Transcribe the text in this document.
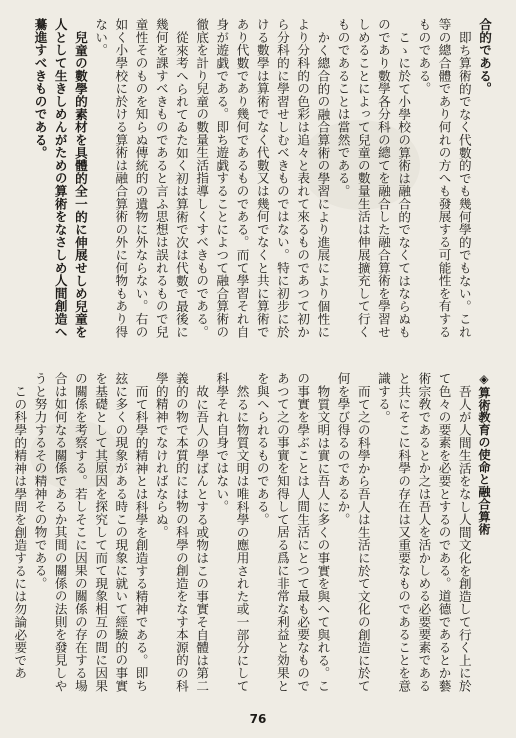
合的である。
即ち算術的でなく代數的でも幾何學的でもない。これ等の總合體であり何れの方へも發展する可能性を有するものである。
こゝに於て小學校の算術は融合的でなくてはならぬものであり數學各分科の總てを融合した融合算術を學習せしめることによって兒童の數量生活は伸展擴充して行くものであることは當然である。
かく總合的の融合算術の學習により進展により個性により分科的の色彩は追々と表れて來るものであつて初から分科的に學習せしむべきものではない。特に初步に於ける數學は算術でなく代數又は幾何でなくと共に算術であり代數であり幾何であるものである。而て學習それ自身が遊戯である。即ち遊戯することによつて融合算術の徹底を計り兒童の數量生活指導しくすべきものである。
從來考へられてゐた如く初は算術で次は代數で最後に幾何を課すべきものであると言ふ思想は誤れるもので兒童性そのものを知らぬ傳統的の遺物に外ならない。右の如く小學校に於ける算術は融合算術の外に何物もあり得ない。
兒童の數學的素材を具體的全一的に伸展せしめ兒童を人として生きしめんがための算術をなさしめ人間創造へ驀進すべきものである。
◈算術教育の使命と融合算術
吾人が人間生活をなし人間文化を創造して行く上に於て色々の要素を必要とするのである。道德であるとか藝術宗敎であるとか之は吾人を活かしめる必要要素であると共にそこに科學の存在は又重要なものであることを意識する。
而て之の科學から吾人は生活に於て文化の創造に於て何を學び得るのであるか。
物質文明は實に吾人に多くの事實を與へて與れる。この事實を學ぶことは人間生活にとつて最も必要なものであつて之の事實を知得して居る爲に非常な利益と効果とを與へられるものである。
然るに物質文明は唯科學の應用された或一部分にして科學それ自身ではない。
故に吾人の學ばんとする或物はこの事實そ自體は第二義的の物で本質的には物の科學の創造をなす本源的の科學的精神でなければならぬ。
而て科學的精神とは科學を創造する精神である。即ち玆に多くの現象がある時この現象に就いて經驗的の事實を基礎として其原因を探究して而て現象相互の間に因果の關係を考察する。若しそこに因果の關係の存在する場合は如何なる關係であるか其間の關係の法則を發見しやうと努力するその精神その物である。
この科學的精神は學問を創造するには勿論必要であ
76
